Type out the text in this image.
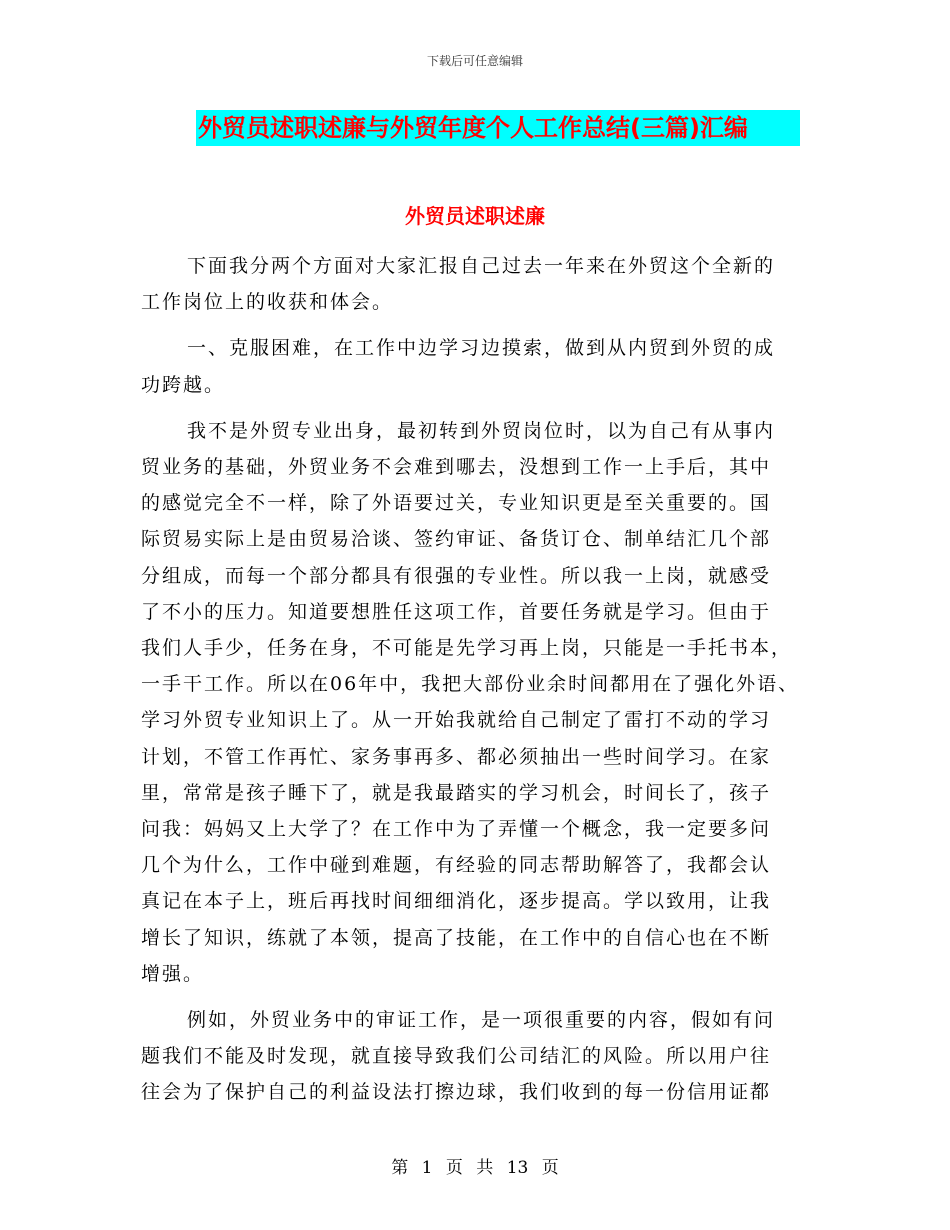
下载后可任意编辑
外贸员述职述廉与外贸年度个人工作总结(三篇)汇编
外贸员述职述廉
下面我分两个方面对大家汇报自己过去一年来在外贸这个全新的
工作岗位上的收获和体会。
一、克服困难，在工作中边学习边摸索，做到从内贸到外贸的成
功跨越。
我不是外贸专业出身，最初转到外贸岗位时，以为自己有从事内
贸业务的基础，外贸业务不会难到哪去，没想到工作一上手后，其中
的感觉完全不一样，除了外语要过关，专业知识更是至关重要的。国
际贸易实际上是由贸易洽谈、签约审证、备货订仓、制单结汇几个部
分组成，而每一个部分都具有很强的专业性。所以我一上岗，就感受
了不小的压力。知道要想胜任这项工作，首要任务就是学习。但由于
我们人手少，任务在身，不可能是先学习再上岗，只能是一手托书本，
一手干工作。所以在06年中，我把大部份业余时间都用在了强化外语、
学习外贸专业知识上了。从一开始我就给自己制定了雷打不动的学习
计划，不管工作再忙、家务事再多、都必须抽出一些时间学习。在家
里，常常是孩子睡下了，就是我最踏实的学习机会，时间长了，孩子
问我：妈妈又上大学了？在工作中为了弄懂一个概念，我一定要多问
几个为什么，工作中碰到难题，有经验的同志帮助解答了，我都会认
真记在本子上，班后再找时间细细消化，逐步提高。学以致用，让我
增长了知识，练就了本领，提高了技能，在工作中的自信心也在不断
增强。
例如，外贸业务中的审证工作，是一项很重要的内容，假如有问
题我们不能及时发现，就直接导致我们公司结汇的风险。所以用户往
往会为了保护自己的利益设法打擦边球，我们收到的每一份信用证都
第 1 页 共 13 页
